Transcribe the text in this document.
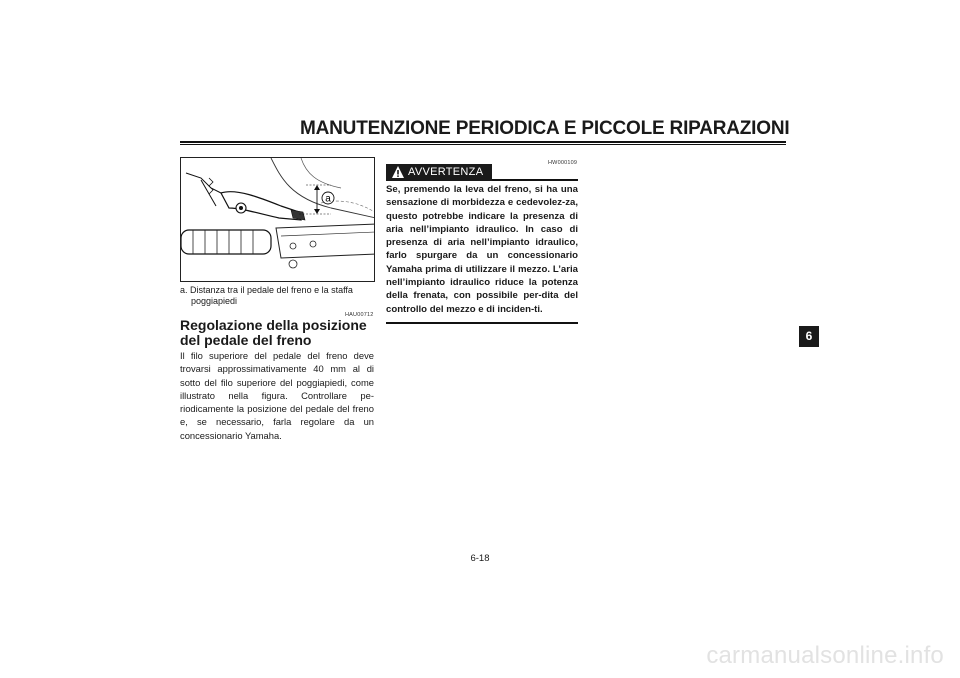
MANUTENZIONE PERIODICA E PICCOLE RIPARAZIONI
a
a. Distanza tra il pedale del freno e la staffa
poggiapiedi
HAU00712
Regolazione della posizione del pedale del freno
Il filo superiore del pedale del freno deve trovarsi approssimativamente 40 mm al di sotto del filo superiore del poggiapiedi, come illustrato nella figura. Controllare pe-riodicamente la posizione del pedale del freno e, se necessario, farla regolare da un concessionario Yamaha.
HW000109
AVVERTENZA
Se, premendo la leva del freno, si ha una sensazione di morbidezza e cedevolez-za, questo potrebbe indicare la presenza di aria nell’impianto idraulico. In caso di presenza di aria nell’impianto idraulico, farlo spurgare da un concessionario Yamaha prima di utilizzare il mezzo. L’aria nell’impianto idraulico riduce la potenza della frenata, con possibile per-dita del controllo del mezzo e di inciden-ti.
6
6-18
carmanualsonline.info
